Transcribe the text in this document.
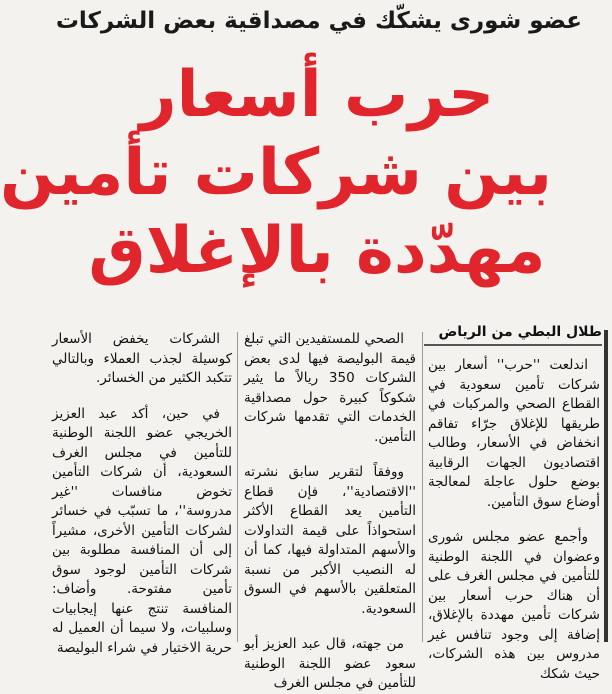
عضو شورى يشكّك في مصداقية بعض الشركات
حرب أسعار
بين شركات تأمين
مهدّدة بالإغلاق
طلال البطي من الرياض

اندلعت ''حرب'' أسعار بين شركات تأمين سعودية في القطاع الصحي والمركبات في طريقها للإغلاق جرّاء تفاقم انخفاض في الأسعار، وطالب اقتصاديون الجهات الرقابية بوضع حلول عاجلة لمعالجة أوضاع سوق التأمين.

وأجمع عضو مجلس شورى وعضوان في اللجنة الوطنية للتأمين في مجلس الغرف على أن هناك حرب أسعار بين شركات تأمين مهددة بالإغلاق، إضافة إلى وجود تنافس غير مدروس بين هذه الشركات، حيث شكك

الصحي للمستفيدين التي تبلغ قيمة البوليصة فيها لدى بعض الشركات 350 ريالاً ما يثير شكوكاً كبيرة حول مصداقية الخدمات التي تقدمها شركات التأمين.

ووفقاً لتقرير سابق نشرته ''الاقتصادية''، فإن قطاع التأمين يعد القطاع الأكثر استحواذاً على قيمة التداولات والأسهم المتداولة فيها، كما أن له النصيب الأكبر من نسبة المتعلقين بالأسهم في السوق السعودية.

من جهته، قال عبد العزيز أبو سعود عضو اللجنة الوطنية للتأمين في مجلس الغرف

الشركات يخفض الأسعار كوسيلة لجذب العملاء وبالتالي تتكبد الكثير من الخسائر.

في حين، أكد عبد العزيز الخريجي عضو اللجنة الوطنية للتأمين في مجلس الغرف السعودية، أن شركات التأمين تخوض منافسات ''غير مدروسة''، ما تسبّب في خسائر لشركات التأمين الأخرى، مشيراً إلى أن المنافسة مطلوبة بين شركات التأمين لوجود سوق تأمين مفتوحة. وأضاف: المنافسة تنتج عنها إيجابيات وسلبيات، ولا سيما أن العميل له حرية الاختيار في شراء البوليصة
